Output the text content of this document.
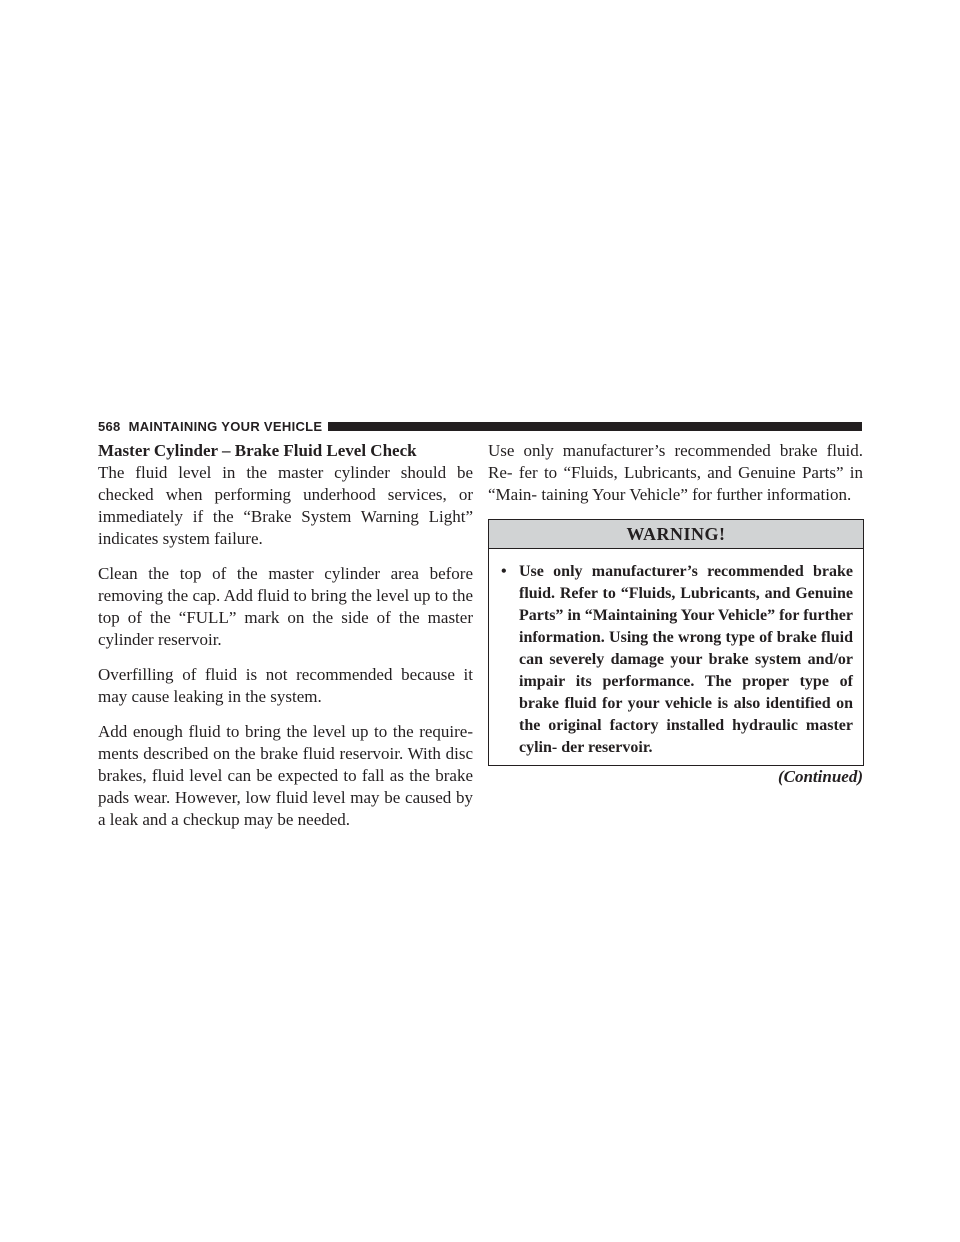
568 MAINTAINING YOUR VEHICLE
Master Cylinder – Brake Fluid Level Check

The fluid level in the master cylinder should be checked when performing underhood services, or immediately if the “Brake System Warning Light” indicates system failure.

Clean the top of the master cylinder area before removing the cap. Add fluid to bring the level up to the top of the “FULL” mark on the side of the master cylinder reservoir.

Overfilling of fluid is not recommended because it may cause leaking in the system.

Add enough fluid to bring the level up to the require- ments described on the brake fluid reservoir. With disc brakes, fluid level can be expected to fall as the brake pads wear. However, low fluid level may be caused by a leak and a checkup may be needed.

Use only manufacturer’s recommended brake fluid. Re- fer to “Fluids, Lubricants, and Genuine Parts” in “Main- taining Your Vehicle” for further information.

WARNING!
• Use only manufacturer’s recommended brake fluid. Refer to “Fluids, Lubricants, and Genuine Parts” in “Maintaining Your Vehicle” for further information. Using the wrong type of brake fluid can severely damage your brake system and/or impair its performance. The proper type of brake fluid for your vehicle is also identified on the original factory installed hydraulic master cylin- der reservoir.
(Continued)
